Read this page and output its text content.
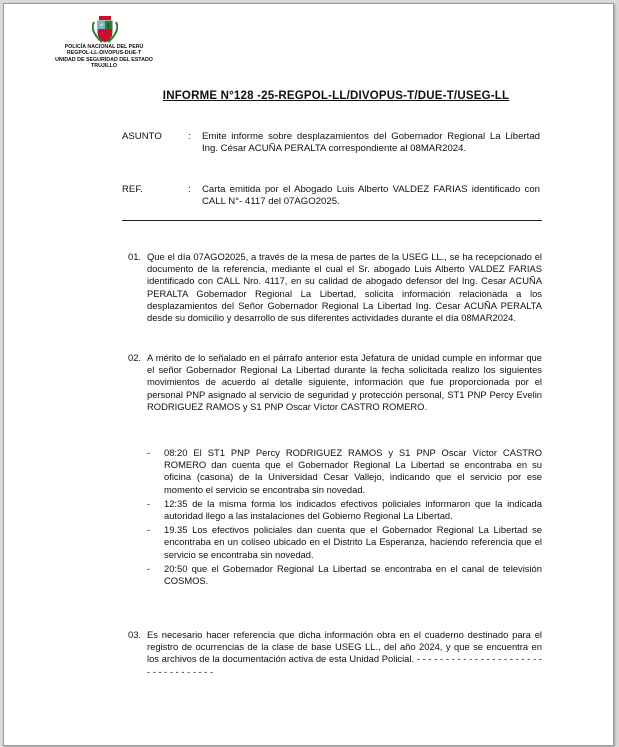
POLICÍA NACIONAL DEL PERÚ
REGPOL-LL-DIVOPUS-DUE-T
UNIDAD DE SEGURIDAD DEL ESTADO
TRUJILLO
INFORME N°128 -25-REGPOL-LL/DIVOPUS-T/DUE-T/USEG-LL
ASUNTO	: Emite informe sobre desplazamientos del Gobernador Regional La Libertad Ing. César ACUÑA PERALTA correspondiente al 08MAR2024.
REF.	: Carta emitida por el Abogado Luis Alberto VALDEZ FARIAS identificado con CALL N°- 4117 del 07AGO2025.
01. Que el día 07AGO2025, a través de la mesa de partes de la USEG LL., se ha recepcionado el documento de la referencia, mediante el cual el Sr. abogado Luis Alberto VALDEZ FARIAS identificado con CALL Nro. 4117, en su calidad de abogado defensor del Ing. Cesar ACUÑA PERALTA Gobernador Regional La Libertad, solicita información relacionada a los desplazamientos del Señor Gobernador Regional La Libertad Ing. Cesar ACUÑA PERALTA desde su domicilio y desarrollo de sus diferentes actividades durante el día 08MAR2024.
02. A mérito de lo señalado en el párrafo anterior esta Jefatura de unidad cumple en informar que el señor Gobernador Regional La Libertad durante la fecha solicitada realizo los siguientes movimientos de acuerdo al detalle siguiente, información que fue proporcionada por el personal PNP asignado al servicio de seguridad y protección personal, ST1 PNP Percy Evelin RODRIGUEZ RAMOS y S1 PNP Oscar Víctor CASTRO ROMERO.
- 08:20 El ST1 PNP Percy RODRIGUEZ RAMOS y S1 PNP Oscar Víctor CASTRO ROMERO dan cuenta que el Gobernador Regional La Libertad se encontraba en su oficina (casona) de la Universidad Cesar Vallejo, indicando que el servicio por ese momento el servicio se encontraba sin novedad.
- 12:35 de la misma forma los indicados efectivos policiales informaron que la indicada autoridad llego a las instalaciones del Gobierno Regional La Libertad.
- 19.35 Los efectivos policiales dan cuenta que el Gobernador Regional La Libertad se encontraba en un coliseo ubicado en el Distrito La Esperanza, haciendo referencia que el servicio se encontraba sin novedad.
- 20:50 que el Gobernador Regional La Libertad se encontraba en el canal de televisión COSMOS.
03. Es necesario hacer referencia que dicha información obra en el cuaderno destinado para el registro de ocurrencias de la clase de base USEG LL., del año 2024, y que se encuentra en los archivos de la documentación activa de esta Unidad Policial. - - - - - - - - - - - - - - - - - - - - - - - - - - - - - - - - - -
